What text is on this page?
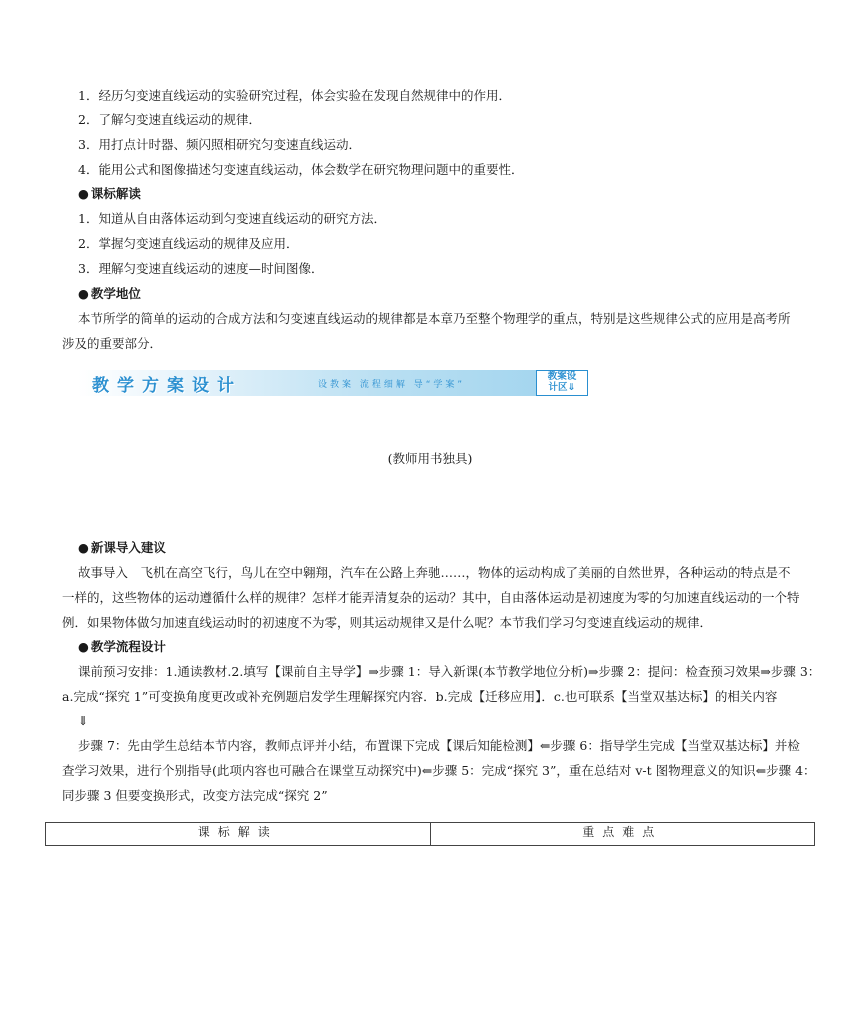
1．经历匀变速直线运动的实验研究过程，体会实验在发现自然规律中的作用．
2．了解匀变速直线运动的规律．
3．用打点计时器、频闪照相研究匀变速直线运动．
4．能用公式和图像描述匀变速直线运动，体会数学在研究物理问题中的重要性．
● 课标解读
1．知道从自由落体运动到匀变速直线运动的研究方法．
2．掌握匀变速直线运动的规律及应用．
3．理解匀变速直线运动的速度—时间图像．
● 教学地位
本节所学的简单的运动的合成方法和匀变速直线运动的规律都是本章乃至整个物理学的重点，特别是这些规律公式的应用是高考所
涉及的重要部分．
教学方案设计	设教案 流程细解 导“学案”
教案设
计区⇓
(教师用书独具)
● 新课导入建议
故事导入　飞机在高空飞行，鸟儿在空中翱翔，汽车在公路上奔驰……，物体的运动构成了美丽的自然世界，各种运动的特点是不
一样的，这些物体的运动遵循什么样的规律？怎样才能弄清复杂的运动？其中，自由落体运动是初速度为零的匀加速直线运动的一个特
例．如果物体做匀加速直线运动时的初速度不为零，则其运动规律又是什么呢？本节我们学习匀变速直线运动的规律．
● 教学流程设计
课前预习安排：1.通读教材.2.填写【课前自主导学】⇒步骤 1：导入新课(本节教学地位分析)⇒步骤 2：提问：检查预习效果⇒步骤 3：
a.完成“探究 1”可变换角度更改或补充例题启发学生理解探究内容．b.完成【迁移应用】．c.也可联系【当堂双基达标】的相关内容
⇓
步骤 7：先由学生总结本节内容，教师点评并小结，布置课下完成【课后知能检测】⇐步骤 6：指导学生完成【当堂双基达标】并检
查学习效果，进行个别指导(此项内容也可融合在课堂互动探究中)⇐步骤 5：完成“探究 3”，重在总结对 v-t 图物理意义的知识⇐步骤 4：
同步骤 3 但要变换形式，改变方法完成“探究 2”
课标解读	重点难点
